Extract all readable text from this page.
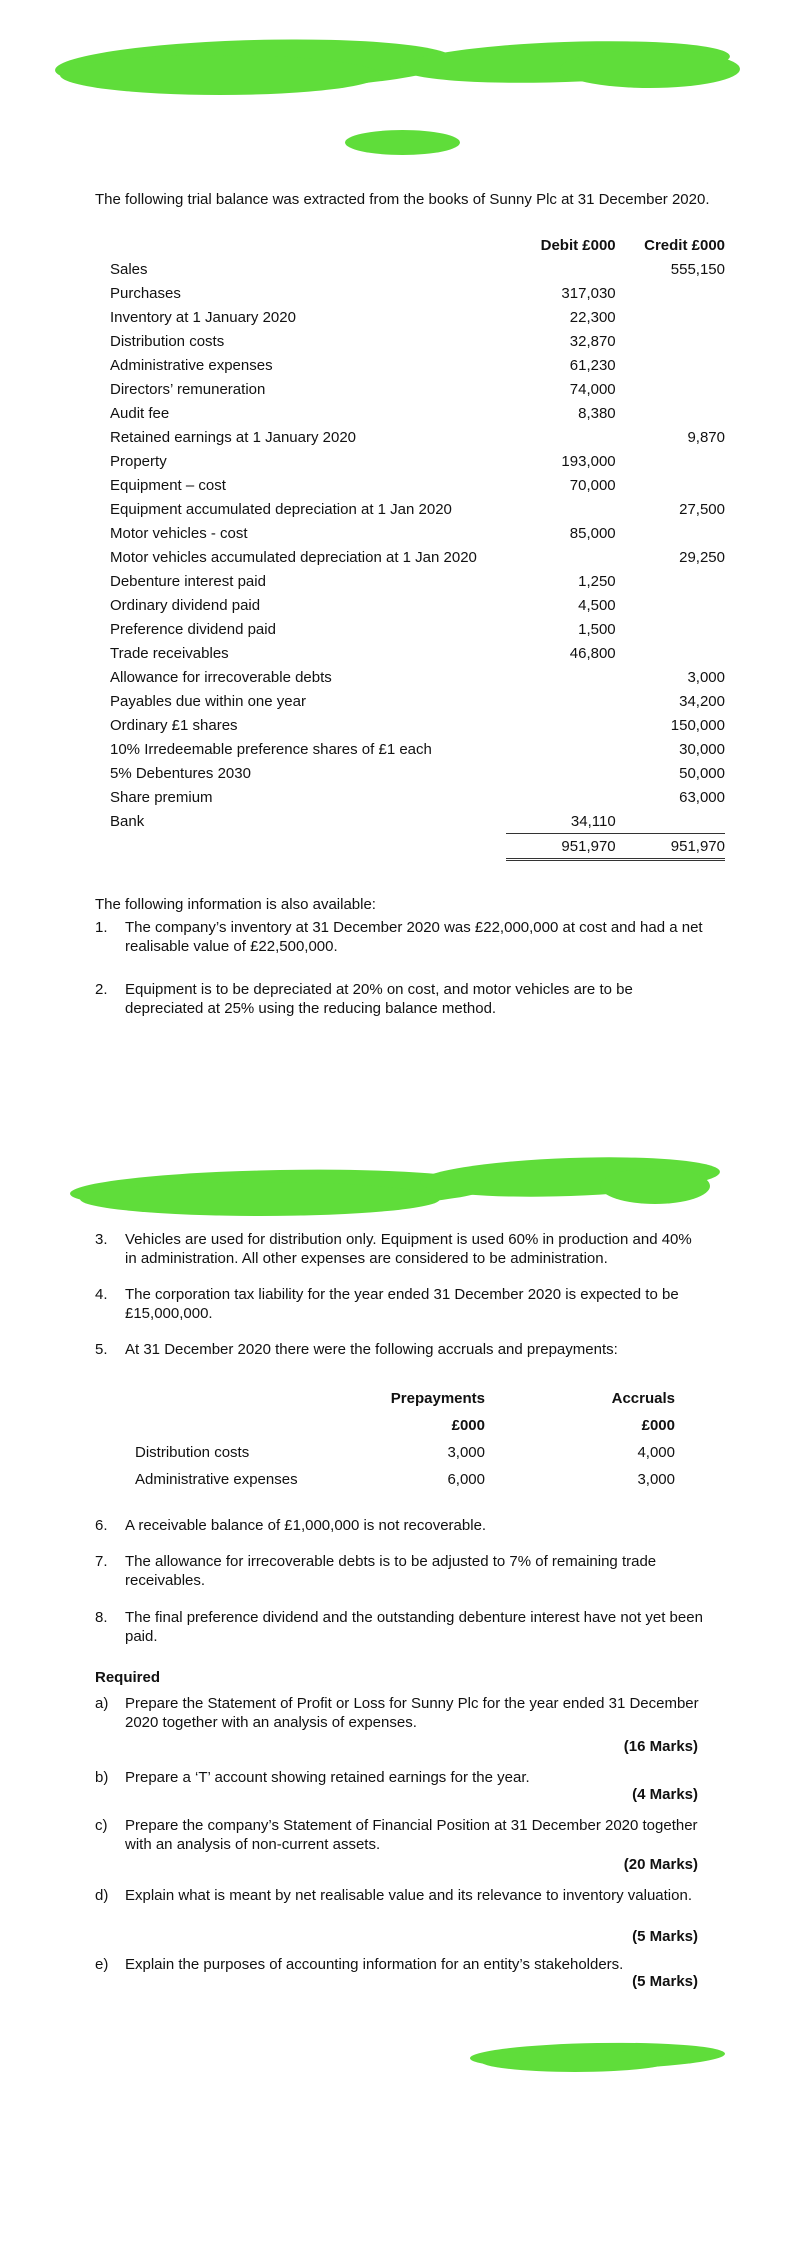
The following trial balance was extracted from the books of Sunny Plc at 31 December 2020.
	Debit £000	Credit £000
Sales		555,150
Purchases	317,030	
Inventory at 1 January 2020	22,300	
Distribution costs	32,870	
Administrative expenses	61,230	
Directors’ remuneration	74,000	
Audit fee	8,380	
Retained earnings at 1 January 2020		9,870
Property	193,000	
Equipment – cost	70,000	
Equipment accumulated depreciation at 1 Jan 2020		27,500
Motor vehicles - cost	85,000	
Motor vehicles accumulated depreciation at 1 Jan 2020		29,250
Debenture interest paid	1,250	
Ordinary dividend paid	4,500	
Preference dividend paid	1,500	
Trade receivables	46,800	
Allowance for irrecoverable debts		3,000
Payables due within one year		34,200
Ordinary £1 shares		150,000
10% Irredeemable preference shares of £1 each		30,000
5% Debentures 2030		50,000
Share premium		63,000
Bank	34,110	
	951,970	951,970
The following information is also available:
1.	The company’s inventory at 31 December 2020 was £22,000,000 at cost and had a net realisable value of £22,500,000.
2.	Equipment is to be depreciated at 20% on cost, and motor vehicles are to be depreciated at 25% using the reducing balance method.
3.	Vehicles are used for distribution only. Equipment is used 60% in production and 40% in administration. All other expenses are considered to be administration.
4.	The corporation tax liability for the year ended 31 December 2020 is expected to be £15,000,000.
5.	At 31 December 2020 there were the following accruals and prepayments:
	Prepayments	Accruals
	£000	£000
Distribution costs	3,000	4,000
Administrative expenses	6,000	3,000
6.	A receivable balance of £1,000,000 is not recoverable.
7.	The allowance for irrecoverable debts is to be adjusted to 7% of remaining trade receivables.
8.	The final preference dividend and the outstanding debenture interest have not yet been paid.
Required
a)	Prepare the Statement of Profit or Loss for Sunny Plc for the year ended 31 December 2020 together with an analysis of expenses.
(16 Marks)
b)	Prepare a ‘T’ account showing retained earnings for the year.
(4 Marks)
c)	Prepare the company’s Statement of Financial Position at 31 December 2020 together with an analysis of non-current assets.
(20 Marks)
d)	Explain what is meant by net realisable value and its relevance to inventory valuation.
(5 Marks)
e)	Explain the purposes of accounting information for an entity’s stakeholders.
(5 Marks)
